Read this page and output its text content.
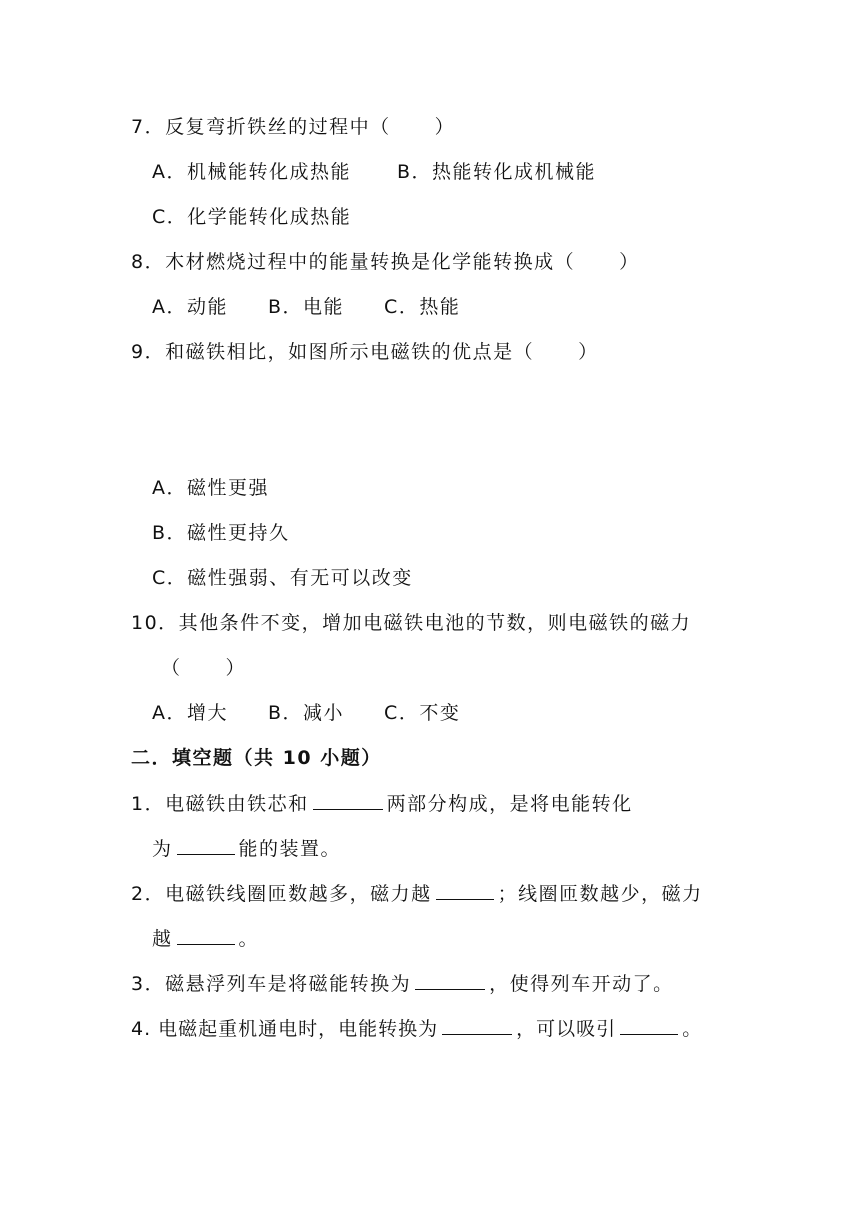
7．反复弯折铁丝的过程中（ ）
A．机械能转化成热能 B．热能转化成机械能
C．化学能转化成热能
8．木材燃烧过程中的能量转换是化学能转换成（ ）
A．动能 B．电能 C．热能
9．和磁铁相比，如图所示电磁铁的优点是（ ）
A．磁性更强
B．磁性更持久
C．磁性强弱、有无可以改变
10．其他条件不变，增加电磁铁电池的节数，则电磁铁的磁力
（ ）
A．增大 B．减小 C．不变
二．填空题（共 10 小题）
1．电磁铁由铁芯和	两部分构成，是将电能转化
为	能的装置。
2．电磁铁线圈匝数越多，磁力越	；线圈匝数越少，磁力
越	。
3．磁悬浮列车是将磁能转换为	，使得列车开动了。
4. 电磁起重机通电时，电能转换为	，可以吸引	。
